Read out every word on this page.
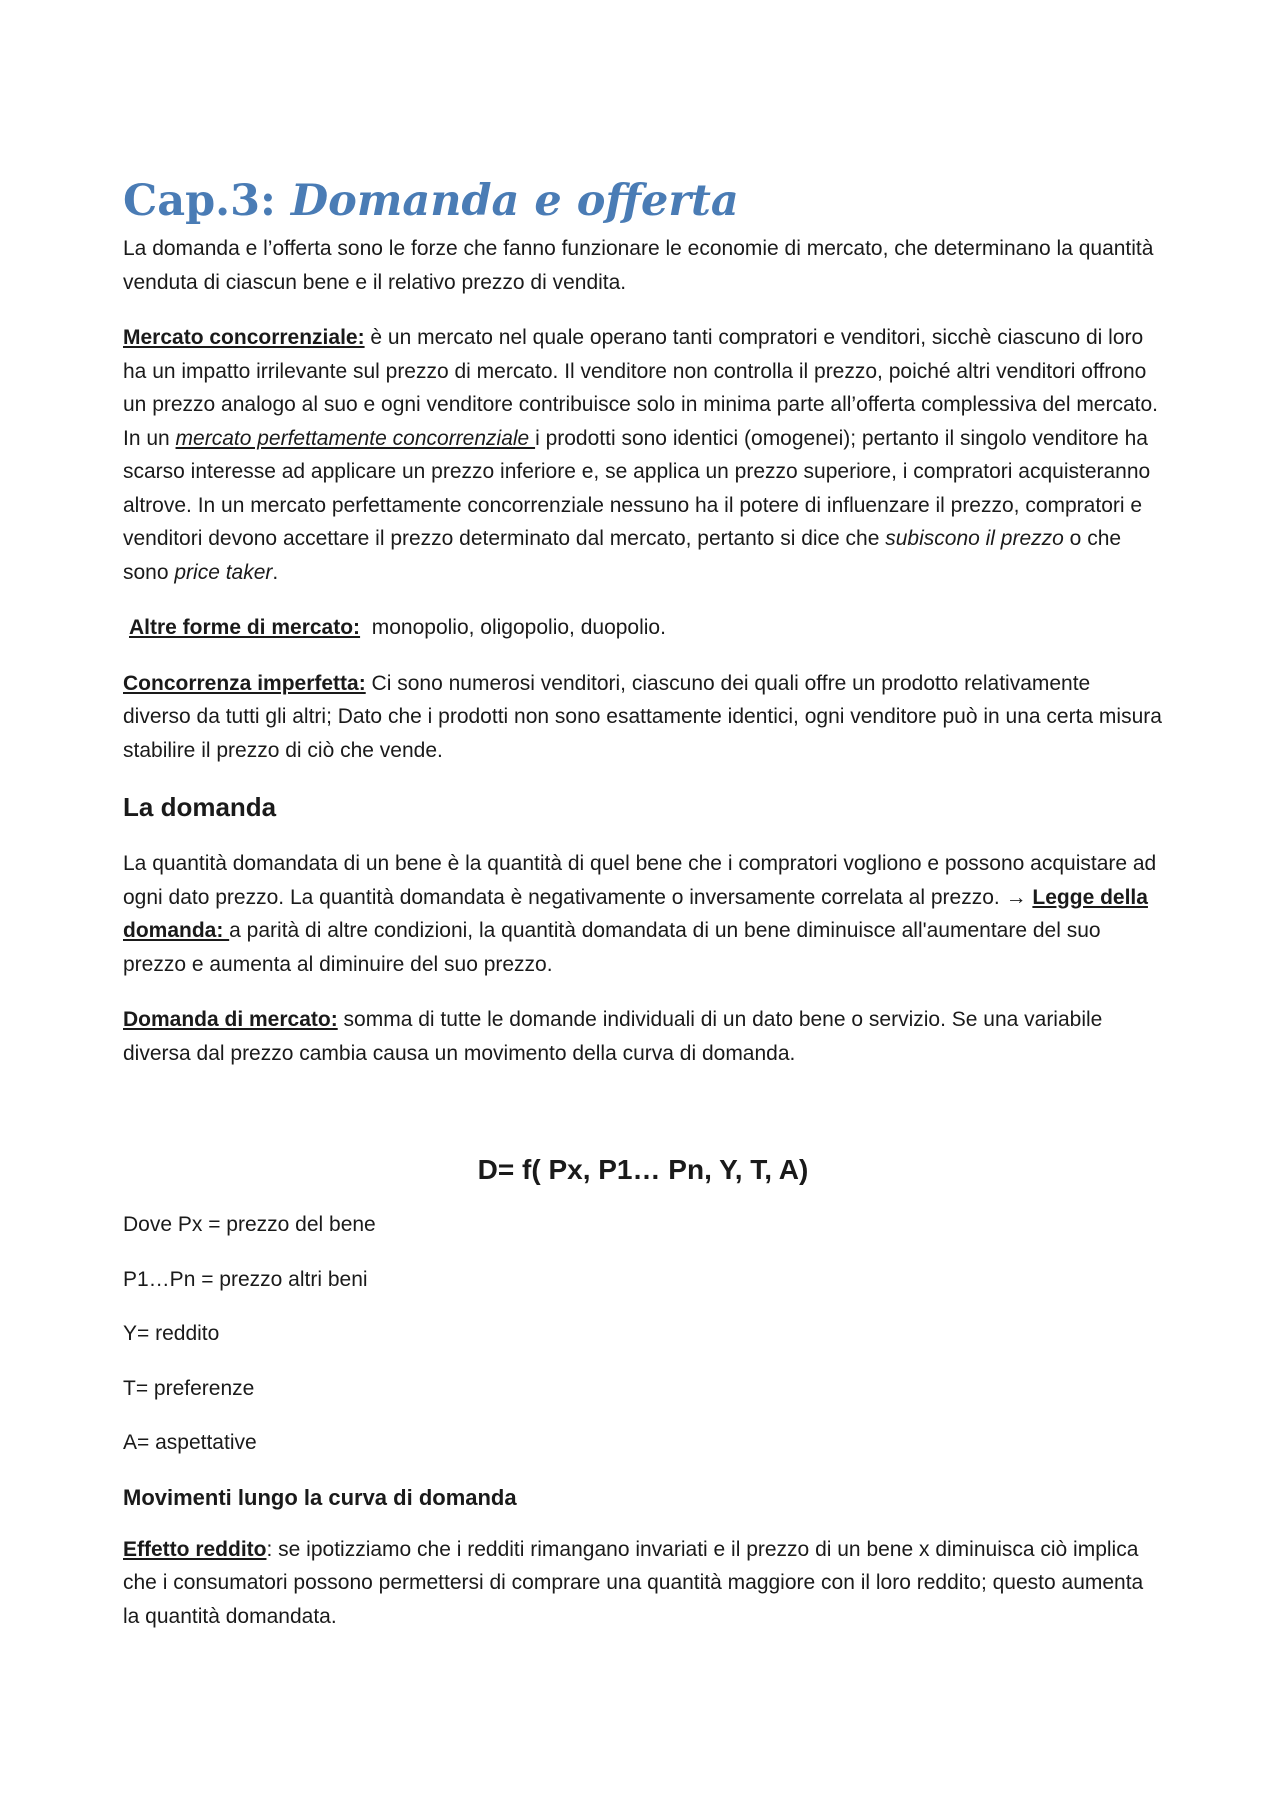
Cap.3: Domanda e offerta

La domanda e l’offerta sono le forze che fanno funzionare le economie di mercato, che determinano la quantità venduta di ciascun bene e il relativo prezzo di vendita.

Mercato concorrenziale: è un mercato nel quale operano tanti compratori e venditori, sicchè ciascuno di loro ha un impatto irrilevante sul prezzo di mercato. Il venditore non controlla il prezzo, poiché altri venditori offrono un prezzo analogo al suo e ogni venditore contribuisce solo in minima parte all’offerta complessiva del mercato. In un mercato perfettamente concorrenziale i prodotti sono identici (omogenei); pertanto il singolo venditore ha scarso interesse ad applicare un prezzo inferiore e, se applica un prezzo superiore, i compratori acquisteranno altrove. In un mercato perfettamente concorrenziale nessuno ha il potere di influenzare il prezzo, compratori e venditori devono accettare il prezzo determinato dal mercato, pertanto si dice che subiscono il prezzo o che sono price taker.

Altre forme di mercato:  monopolio, oligopolio, duopolio.

Concorrenza imperfetta: Ci sono numerosi venditori, ciascuno dei quali offre un prodotto relativamente diverso da tutti gli altri; Dato che i prodotti non sono esattamente identici, ogni venditore può in una certa misura stabilire il prezzo di ciò che vende.

La domanda

La quantità domandata di un bene è la quantità di quel bene che i compratori vogliono e possono acquistare ad ogni dato prezzo. La quantità domandata è negativamente o inversamente correlata al prezzo. → Legge della domanda: a parità di altre condizioni, la quantità domandata di un bene diminuisce all'aumentare del suo prezzo e aumenta al diminuire del suo prezzo.

Domanda di mercato: somma di tutte le domande individuali di un dato bene o servizio. Se una variabile diversa dal prezzo cambia causa un movimento della curva di domanda.

D= f( Px, P1… Pn, Y, T, A)

Dove Px = prezzo del bene

P1…Pn = prezzo altri beni

Y= reddito

T= preferenze

A= aspettative

Movimenti lungo la curva di domanda

Effetto reddito: se ipotizziamo che i redditi rimangano invariati e il prezzo di un bene x diminuisca ciò implica che i consumatori possono permettersi di comprare una quantità maggiore con il loro reddito; questo aumenta la quantità domandata.
